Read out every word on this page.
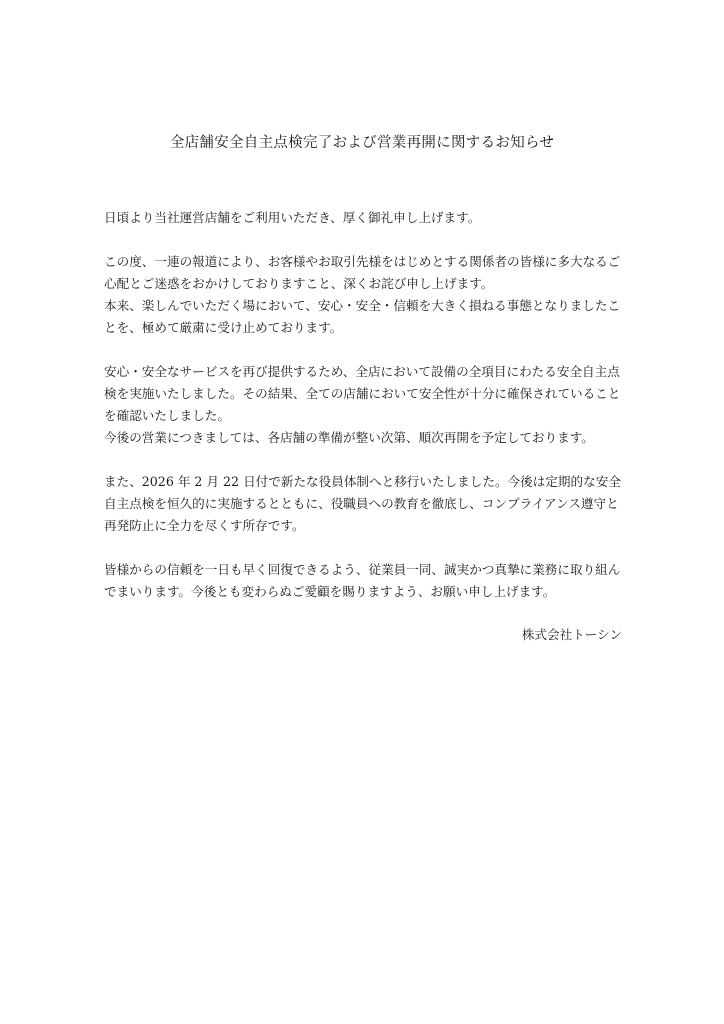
全店舗安全自主点検完了および営業再開に関するお知らせ
日頃より当社運営店舗をご利用いただき、厚く御礼申し上げます。
この度、一連の報道により、お客様やお取引先様をはじめとする関係者の皆様に多大なるご
心配とご迷惑をおかけしておりますこと、深くお詫び申し上げます。
本来、楽しんでいただく場において、安心・安全・信頼を大きく損ねる事態となりましたこ
とを、極めて厳粛に受け止めております。
安心・安全なサービスを再び提供するため、全店において設備の全項目にわたる安全自主点
検を実施いたしました。その結果、全ての店舗において安全性が十分に確保されていること
を確認いたしました。
今後の営業につきましては、各店舗の準備が整い次第、順次再開を予定しております。
また、2026 年 2 月 22 日付で新たな役員体制へと移行いたしました。今後は定期的な安全
自主点検を恒久的に実施するとともに、役職員への教育を徹底し、コンプライアンス遵守と
再発防止に全力を尽くす所存です。
皆様からの信頼を一日も早く回復できるよう、従業員一同、誠実かつ真摯に業務に取り組ん
でまいります。今後とも変わらぬご愛顧を賜りますよう、お願い申し上げます。
株式会社トーシン
